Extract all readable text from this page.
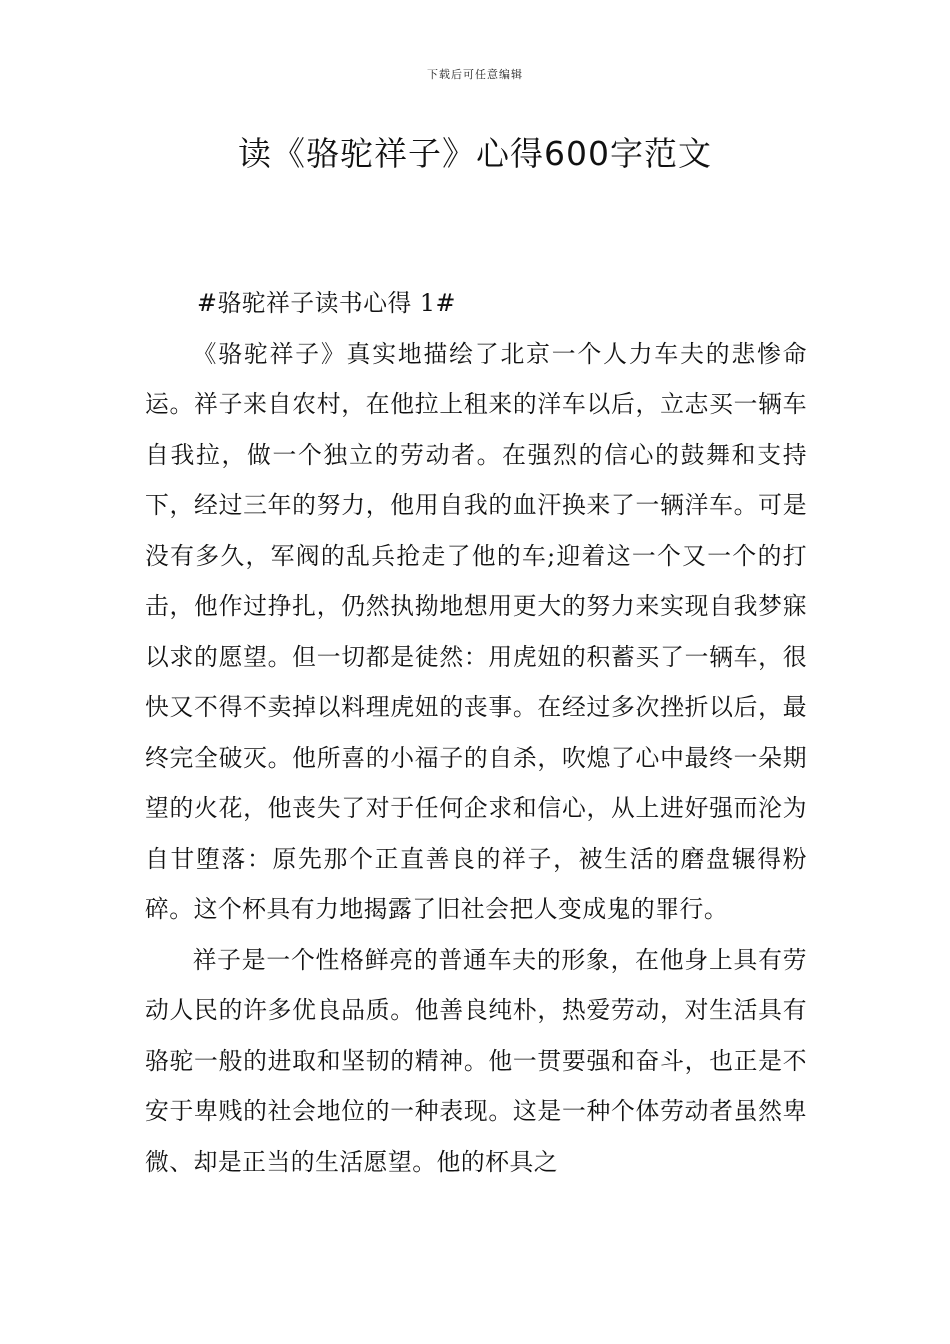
下载后可任意编辑
读《骆驼祥子》心得600字范文

#骆驼祥子读书心得 1#

《骆驼祥子》真实地描绘了北京一个人力车夫的悲惨命运。祥子来自农村，在他拉上租来的洋车以后，立志买一辆车自我拉，做一个独立的劳动者。在强烈的信心的鼓舞和支持下，经过三年的努力，他用自我的血汗换来了一辆洋车。可是没有多久，军阀的乱兵抢走了他的车;迎着这一个又一个的打击，他作过挣扎，仍然执拗地想用更大的努力来实现自我梦寐以求的愿望。但一切都是徒然：用虎妞的积蓄买了一辆车，很快又不得不卖掉以料理虎妞的丧事。在经过多次挫折以后，最终完全破灭。他所喜的小福子的自杀，吹熄了心中最终一朵期望的火花，他丧失了对于任何企求和信心，从上进好强而沦为自甘堕落：原先那个正直善良的祥子，被生活的磨盘辗得粉碎。这个杯具有力地揭露了旧社会把人变成鬼的罪行。

祥子是一个性格鲜亮的普通车夫的形象，在他身上具有劳动人民的许多优良品质。他善良纯朴，热爱劳动，对生活具有骆驼一般的进取和坚韧的精神。他一贯要强和奋斗，也正是不安于卑贱的社会地位的一种表现。这是一种个体劳动者虽然卑微、却是正当的生活愿望。他的杯具之
